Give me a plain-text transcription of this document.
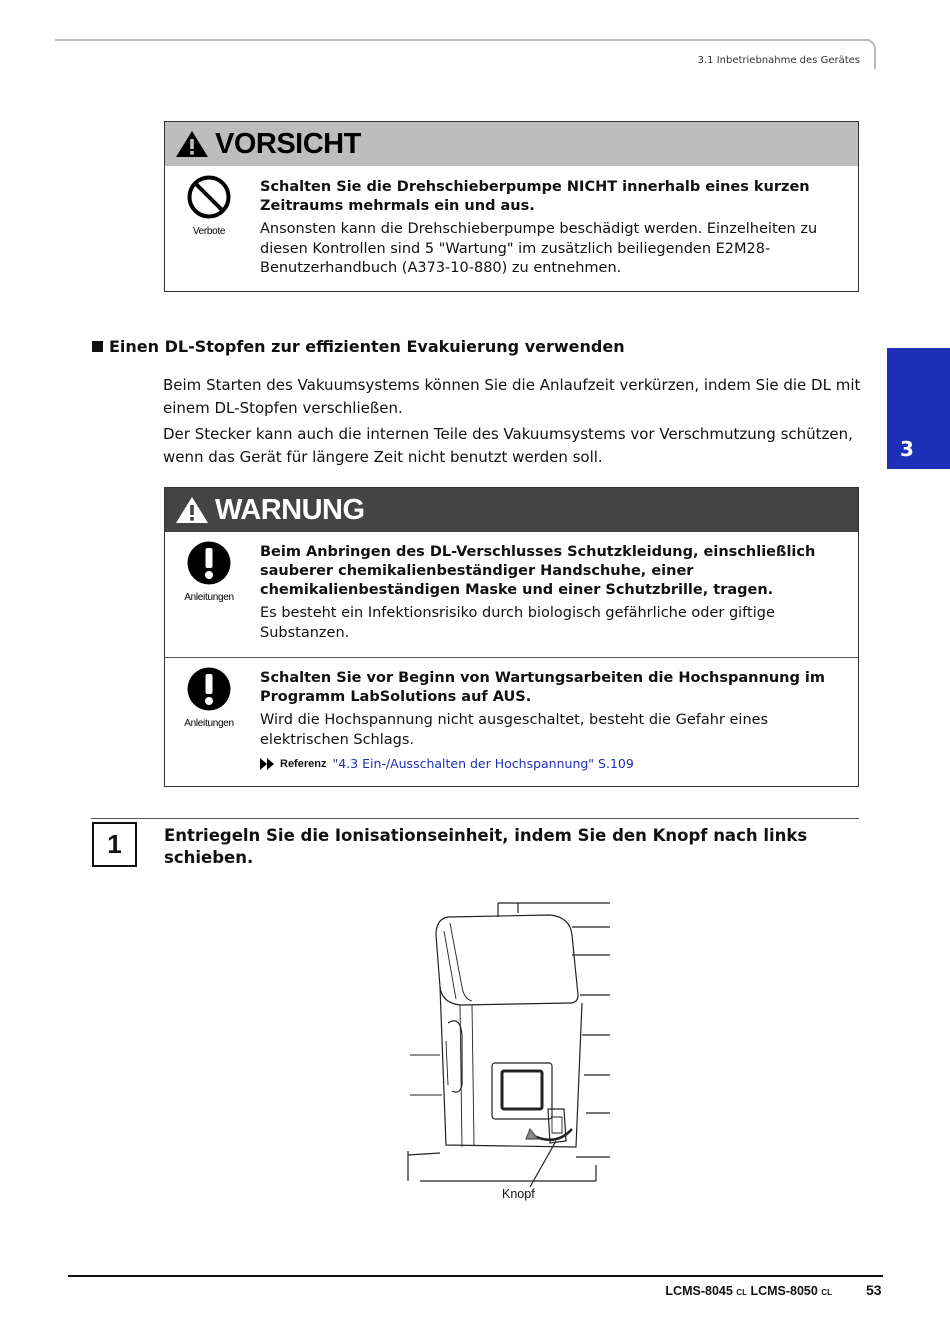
3.1 Inbetriebnahme des Gerätes
3
VORSICHT
Verbote
Schalten Sie die Drehschieberpumpe NICHT innerhalb eines kurzen Zeitraums mehrmals ein und aus.
Ansonsten kann die Drehschieberpumpe beschädigt werden. Einzelheiten zu diesen Kontrollen sind 5 "Wartung" im zusätzlich beiliegenden E2M28-Benutzerhandbuch (A373-10-880) zu entnehmen.
Einen DL-Stopfen zur effizienten Evakuierung verwenden
Beim Starten des Vakuumsystems können Sie die Anlaufzeit verkürzen, indem Sie die DL mit einem DL-Stopfen verschließen.
Der Stecker kann auch die internen Teile des Vakuumsystems vor Verschmutzung schützen, wenn das Gerät für längere Zeit nicht benutzt werden soll.
WARNUNG
Anleitungen
Beim Anbringen des DL-Verschlusses Schutzkleidung, einschließlich sauberer chemikalienbeständiger Handschuhe, einer chemikalienbeständigen Maske und einer Schutzbrille, tragen.
Es besteht ein Infektionsrisiko durch biologisch gefährliche oder giftige Substanzen.
Anleitungen
Schalten Sie vor Beginn von Wartungsarbeiten die Hochspannung im Programm LabSolutions auf AUS.
Wird die Hochspannung nicht ausgeschaltet, besteht die Gefahr eines elektrischen Schlags.
Referenz "4.3 Ein-/Ausschalten der Hochspannung" S.109
1	Entriegeln Sie die Ionisationseinheit, indem Sie den Knopf nach links schieben.
Knopf
LCMS-8045 CL LCMS-8050 CL 53
